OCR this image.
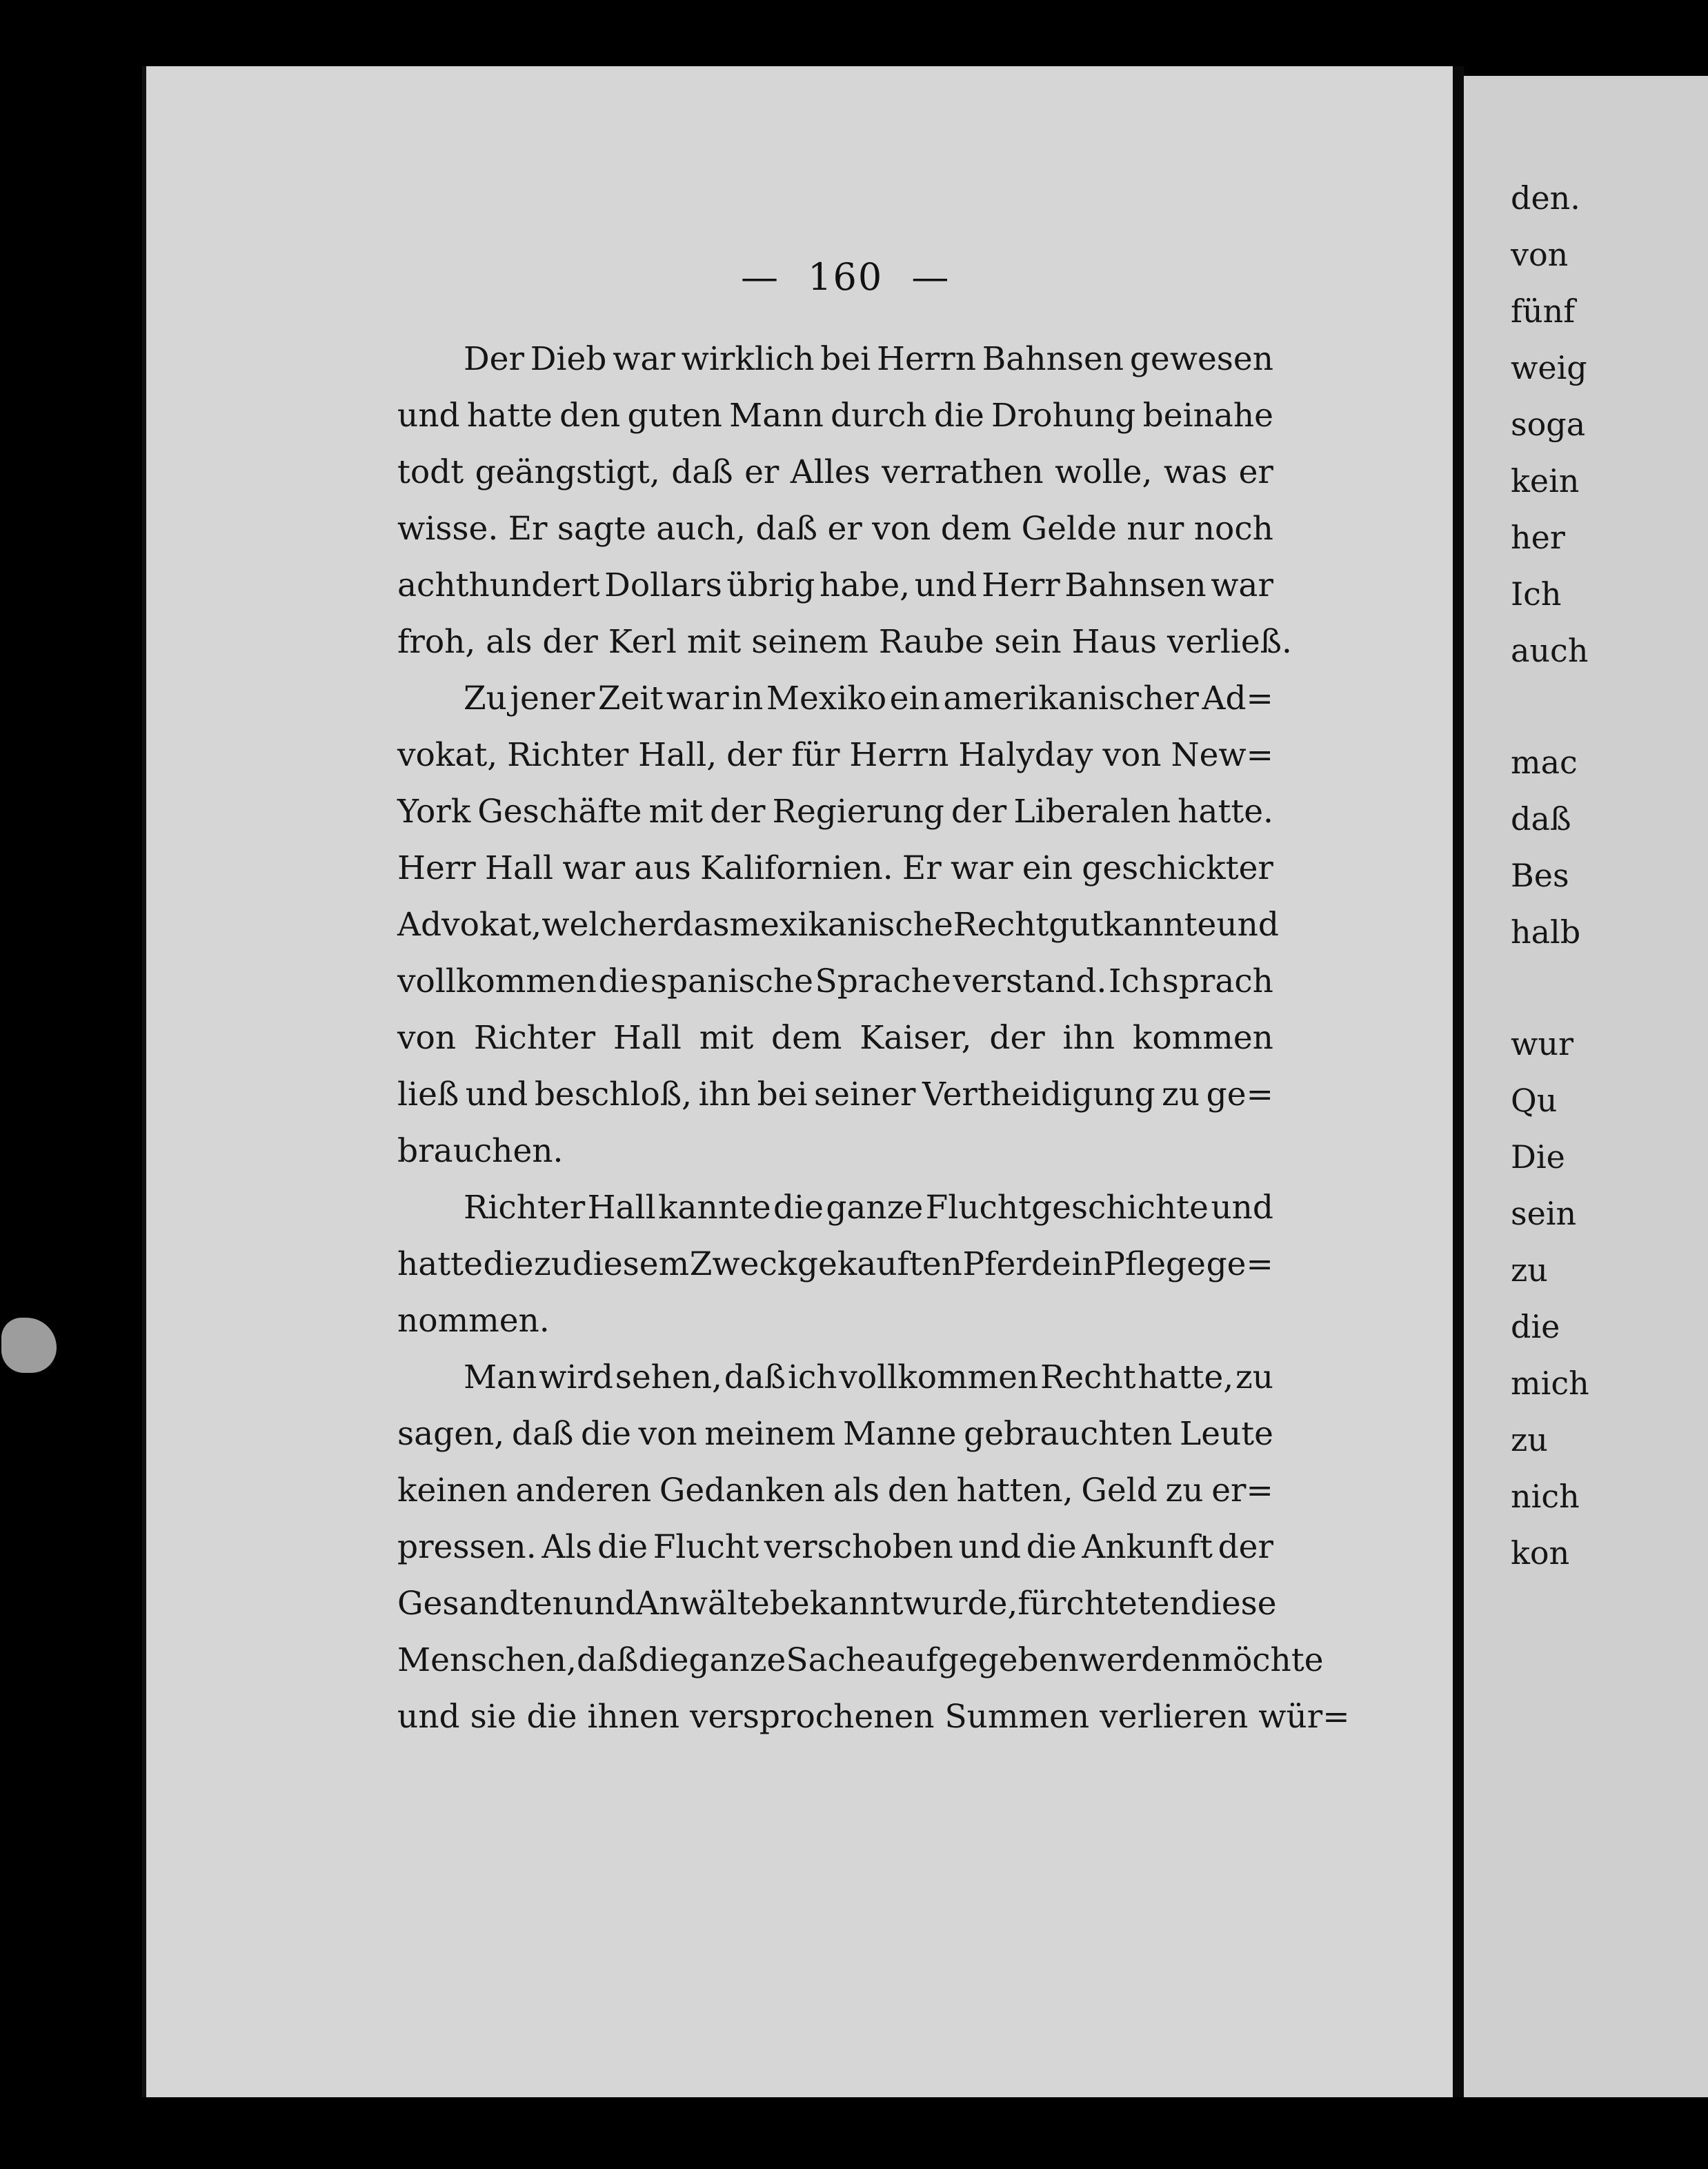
den.
von
fünf
weig
soga
kein
her
Ich
auch
mac
daß
Bes
halb
wur
Qu
Die
sein
zu
die
mich
zu
nich
kon
— 160 —
Der Dieb war wirklich bei Herrn Bahnsen gewesen
und hatte den guten Mann durch die Drohung beinahe
todt geängstigt, daß er Alles verrathen wolle, was er
wisse. Er sagte auch, daß er von dem Gelde nur noch
achthundert Dollars übrig habe, und Herr Bahnsen war
froh, als der Kerl mit seinem Raube sein Haus verließ.
Zu jener Zeit war in Mexiko ein amerikanischer Ad=
vokat, Richter Hall, der für Herrn Halyday von New=
York Geschäfte mit der Regierung der Liberalen hatte.
Herr Hall war aus Kalifornien. Er war ein geschickter
Advokat, welcher das mexikanische Recht gut kannte und
vollkommen die spanische Sprache verstand. Ich sprach
von Richter Hall mit dem Kaiser, der ihn kommen
ließ und beschloß, ihn bei seiner Vertheidigung zu ge=
brauchen.
Richter Hall kannte die ganze Fluchtgeschichte und
hatte die zu diesem Zweck gekauften Pferde in Pflege ge=
nommen.
Man wird sehen, daß ich vollkommen Recht hatte, zu
sagen, daß die von meinem Manne gebrauchten Leute
keinen anderen Gedanken als den hatten, Geld zu er=
pressen. Als die Flucht verschoben und die Ankunft der
Gesandten und Anwälte bekannt wurde, fürchteten diese
Menschen, daß die ganze Sache aufgegeben werden möchte
und sie die ihnen versprochenen Summen verlieren wür=
